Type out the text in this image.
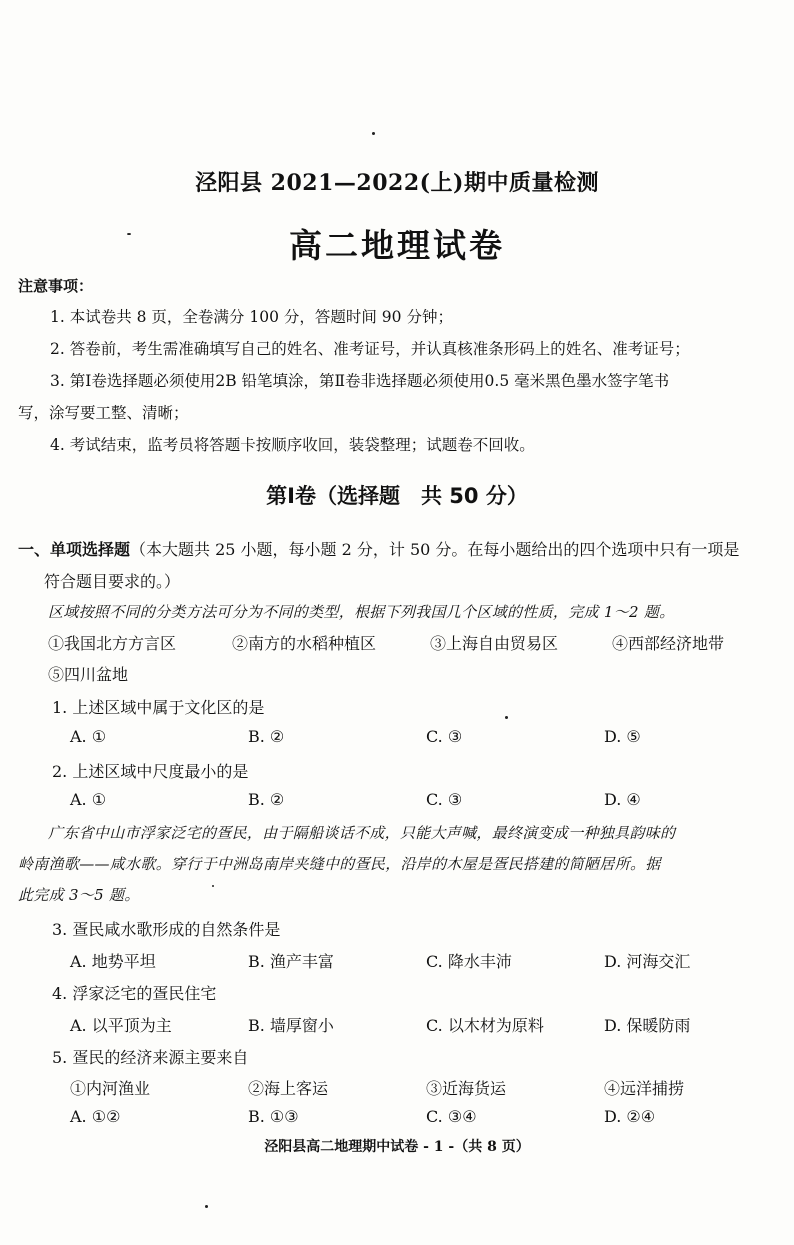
泾阳县 2021—2022(上)期中质量检测
高二地理试卷
注意事项：
1. 本试卷共 8 页，全卷满分 100 分，答题时间 90 分钟；
2. 答卷前，考生需准确填写自己的姓名、准考证号，并认真核准条形码上的姓名、准考证号；
3. 第Ⅰ卷选择题必须使用2B 铅笔填涂，第Ⅱ卷非选择题必须使用0.5 毫米黑色墨水签字笔书
写，涂写要工整、清晰；
4. 考试结束，监考员将答题卡按顺序收回，装袋整理；试题卷不回收。
第Ⅰ卷（选择题　共 50 分）
一、单项选择题（本大题共 25 小题，每小题 2 分，计 50 分。在每小题给出的四个选项中只有一项是
符合题目要求的。）
区域按照不同的分类方法可分为不同的类型，根据下列我国几个区域的性质，完成 1～2 题。
①我国北方方言区	②南方的水稻种植区	③上海自由贸易区	④西部经济地带
⑤四川盆地
1. 上述区域中属于文化区的是
A. ①	B. ②	C. ③	D. ⑤
2. 上述区域中尺度最小的是
A. ①	B. ②	C. ③	D. ④
广东省中山市浮家泛宅的疍民，由于隔船谈话不成，只能大声喊，最终演变成一种独具韵味的
岭南渔歌——咸水歌。穿行于中洲岛南岸夹缝中的疍民，沿岸的木屋是疍民搭建的简陋居所。据
此完成 3～5 题。
3. 疍民咸水歌形成的自然条件是
A. 地势平坦	B. 渔产丰富	C. 降水丰沛	D. 河海交汇
4. 浮家泛宅的疍民住宅
A. 以平顶为主	B. 墙厚窗小	C. 以木材为原料	D. 保暖防雨
5. 疍民的经济来源主要来自
①内河渔业	②海上客运	③近海货运	④远洋捕捞
A. ①②	B. ①③	C. ③④	D. ②④
泾阳县高二地理期中试卷 - 1 -（共 8 页）
